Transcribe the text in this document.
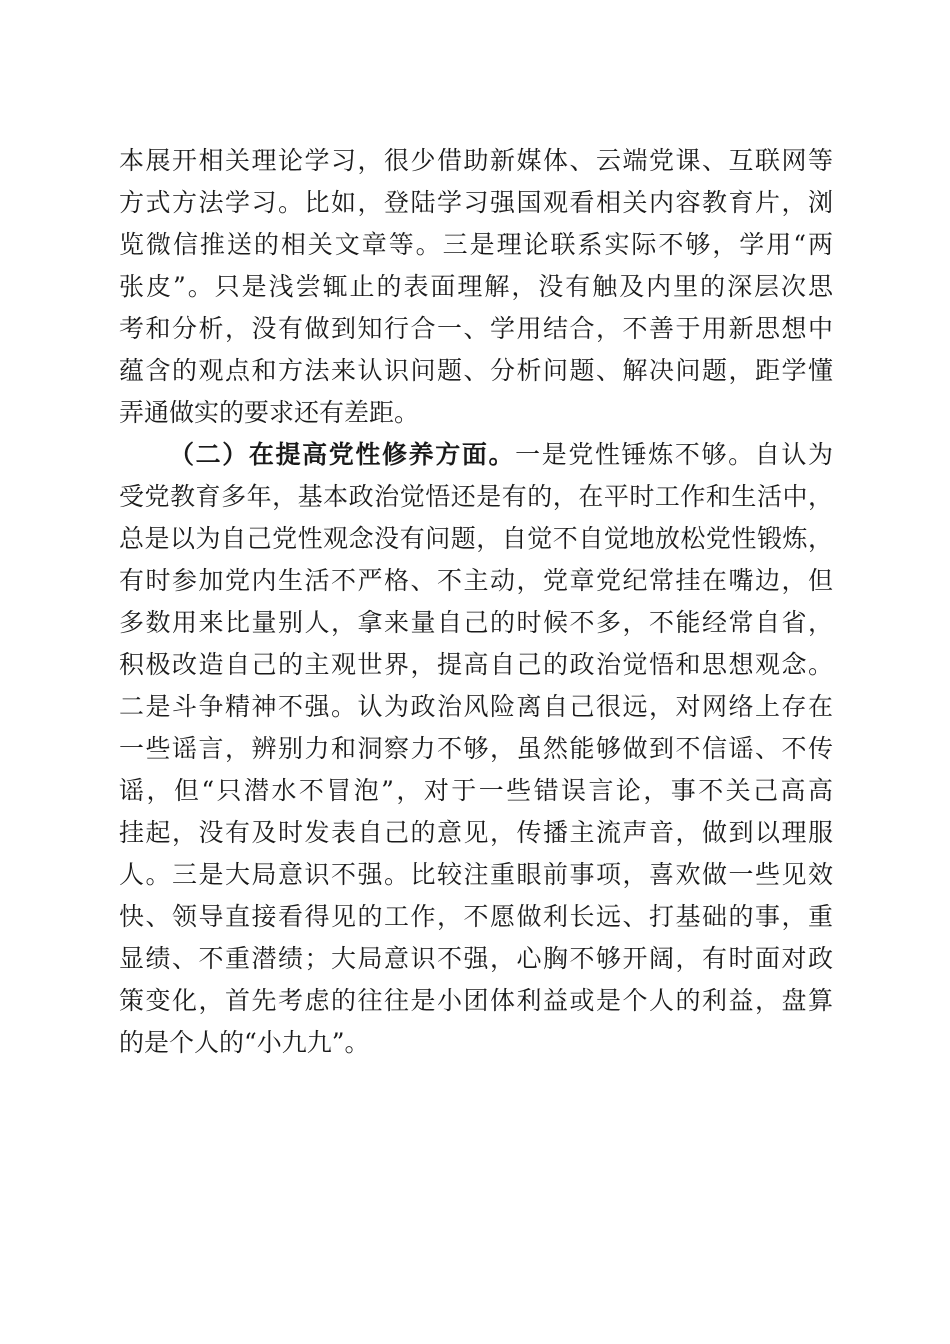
本展开相关理论学习，很少借助新媒体、云端党课、互联网等
方式方法学习。比如，登陆学习强国观看相关内容教育片，浏
览微信推送的相关文章等。三是理论联系实际不够，学用“两
张皮”。只是浅尝辄止的表面理解，没有触及内里的深层次思
考和分析，没有做到知行合一、学用结合，不善于用新思想中
蕴含的观点和方法来认识问题、分析问题、解决问题，距学懂
弄通做实的要求还有差距。
（二）在提高党性修养方面。一是党性锤炼不够。自认为
受党教育多年，基本政治觉悟还是有的，在平时工作和生活中，
总是以为自己党性观念没有问题，自觉不自觉地放松党性锻炼，
有时参加党内生活不严格、不主动，党章党纪常挂在嘴边，但
多数用来比量别人，拿来量自己的时候不多，不能经常自省，
积极改造自己的主观世界，提高自己的政治觉悟和思想观念。
二是斗争精神不强。认为政治风险离自己很远，对网络上存在
一些谣言，辨别力和洞察力不够，虽然能够做到不信谣、不传
谣，但“只潜水不冒泡”，对于一些错误言论，事不关己高高
挂起，没有及时发表自己的意见，传播主流声音，做到以理服
人。三是大局意识不强。比较注重眼前事项，喜欢做一些见效
快、领导直接看得见的工作，不愿做利长远、打基础的事，重
显绩、不重潜绩；大局意识不强，心胸不够开阔，有时面对政
策变化，首先考虑的往往是小团体利益或是个人的利益，盘算
的是个人的“小九九”。
